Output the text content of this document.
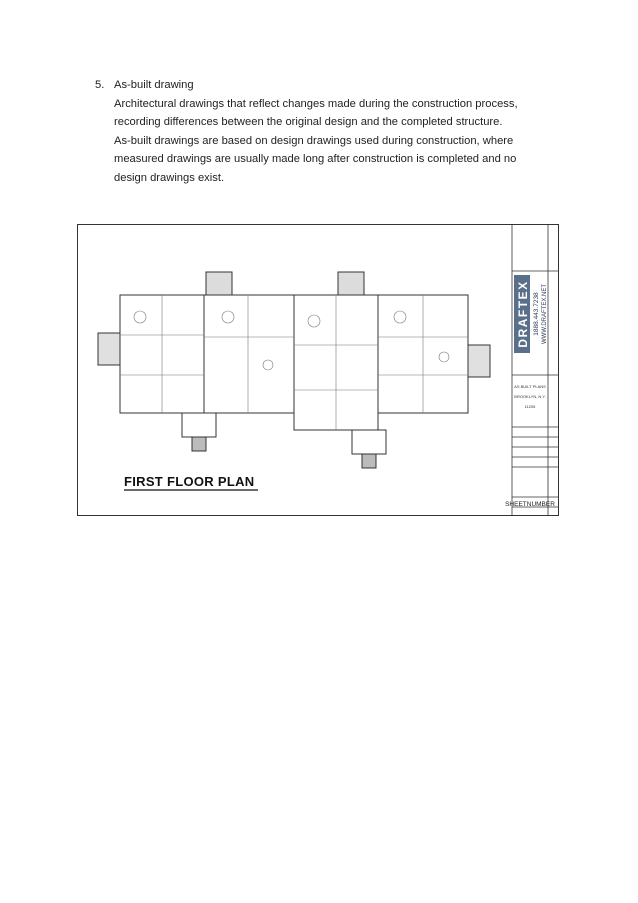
5. As-built drawing
Architectural drawings that reflect changes made during the construction process,
recording differences between the original design and the completed structure.
As-built drawings are based on design drawings used during construction, where
measured drawings are usually made long after construction is completed and no
design drawings exist.
DRAFTEX 1888.443.7238 WWW.DRAFTEX.NET
AS BUILT PLANS
BROOKLYN, N.Y.
11205
SHEETNUMBER
FIRST FLOOR PLAN
